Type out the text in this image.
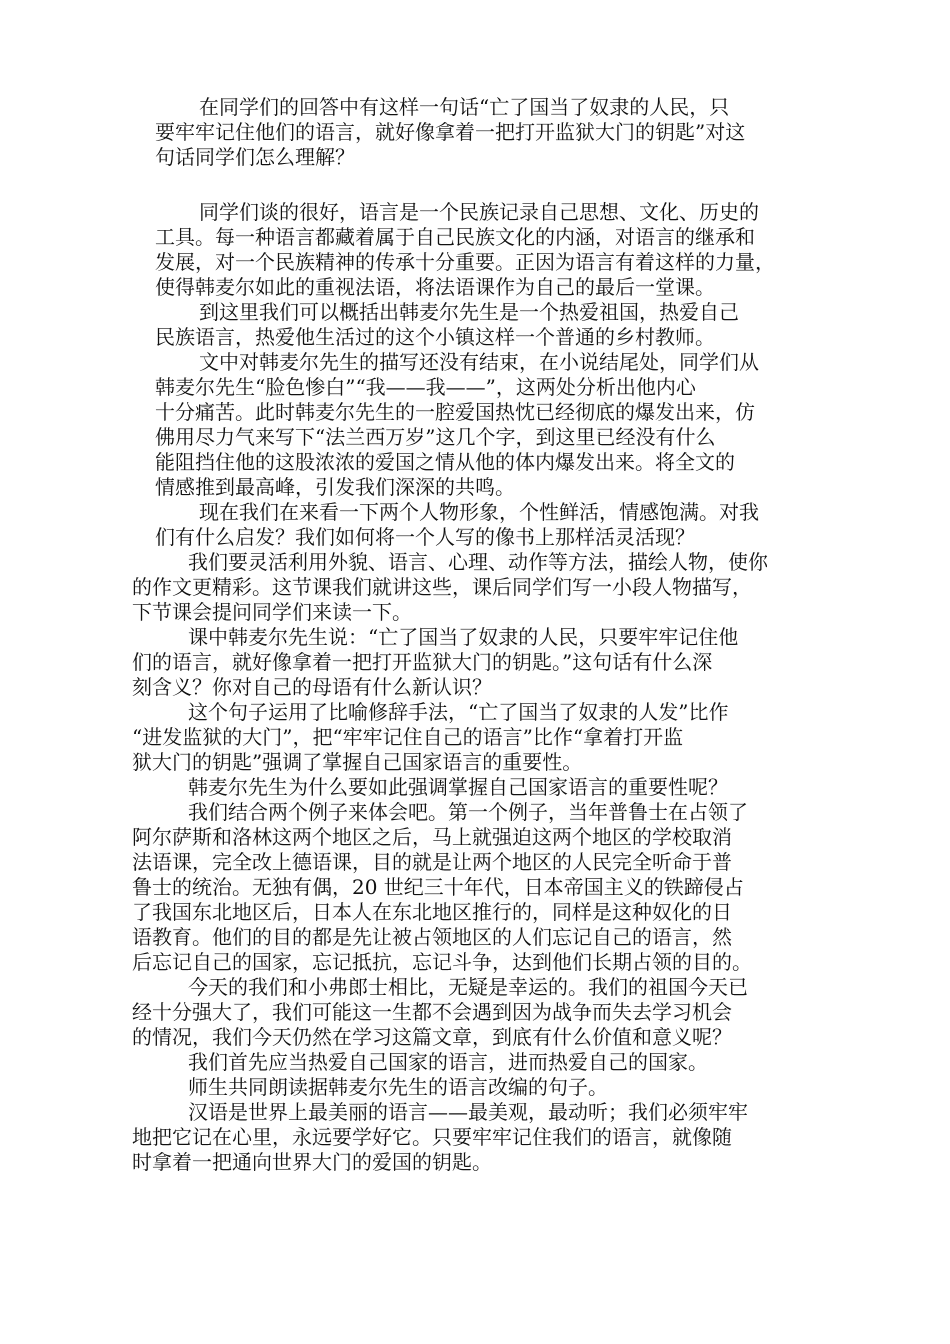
在同学们的回答中有这样一句话“亡了国当了奴隶的人民，只
要牢牢记住他们的语言，就好像拿着一把打开监狱大门的钥匙”对这
句话同学们怎么理解？

同学们谈的很好，语言是一个民族记录自己思想、文化、历史的
工具。每一种语言都藏着属于自己民族文化的内涵，对语言的继承和
发展，对一个民族精神的传承十分重要。正因为语言有着这样的力量，
使得韩麦尔如此的重视法语，将法语课作为自己的最后一堂课。

到这里我们可以概括出韩麦尔先生是一个热爱祖国，热爱自己
民族语言，热爱他生活过的这个小镇这样一个普通的乡村教师。

文中对韩麦尔先生的描写还没有结束，在小说结尾处，同学们从
韩麦尔先生“脸色惨白”“我——我——”，这两处分析出他内心
十分痛苦。此时韩麦尔先生的一腔爱国热忱已经彻底的爆发出来，仿
佛用尽力气来写下“法兰西万岁”这几个字，到这里已经没有什么
能阻挡住他的这股浓浓的爱国之情从他的体内爆发出来。将全文的
情感推到最高峰，引发我们深深的共鸣。

现在我们在来看一下两个人物形象，个性鲜活，情感饱满。对我
们有什么启发？我们如何将一个人写的像书上那样活灵活现？

我们要灵活利用外貌、语言、心理、动作等方法，描绘人物，使你
的作文更精彩。这节课我们就讲这些，课后同学们写一小段人物描写，
下节课会提问同学们来读一下。

课中韩麦尔先生说：“亡了国当了奴隶的人民，只要牢牢记住他
们的语言，就好像拿着一把打开监狱大门的钥匙。”这句话有什么深
刻含义？你对自己的母语有什么新认识？

这个句子运用了比喻修辞手法，“亡了国当了奴隶的人发”比作
“进发监狱的大门”，把“牢牢记住自己的语言”比作“拿着打开监
狱大门的钥匙”强调了掌握自己国家语言的重要性。

韩麦尔先生为什么要如此强调掌握自己国家语言的重要性呢？

我们结合两个例子来体会吧。第一个例子，当年普鲁士在占领了
阿尔萨斯和洛林这两个地区之后，马上就强迫这两个地区的学校取消
法语课，完全改上德语课，目的就是让两个地区的人民完全听命于普
鲁士的统治。无独有偶，20 世纪三十年代，日本帝国主义的铁蹄侵占
了我国东北地区后，日本人在东北地区推行的，同样是这种奴化的日
语教育。他们的目的都是先让被占领地区的人们忘记自己的语言，然
后忘记自己的国家，忘记抵抗，忘记斗争，达到他们长期占领的目的。

今天的我们和小弗郎士相比，无疑是幸运的。我们的祖国今天已
经十分强大了，我们可能这一生都不会遇到因为战争而失去学习机会
的情况，我们今天仍然在学习这篇文章，到底有什么价值和意义呢？

我们首先应当热爱自己国家的语言，进而热爱自己的国家。

师生共同朗读据韩麦尔先生的语言改编的句子。

汉语是世界上最美丽的语言——最美观，最动听；我们必须牢牢
地把它记在心里，永远要学好它。只要牢牢记住我们的语言，就像随
时拿着一把通向世界大门的爱国的钥匙。
